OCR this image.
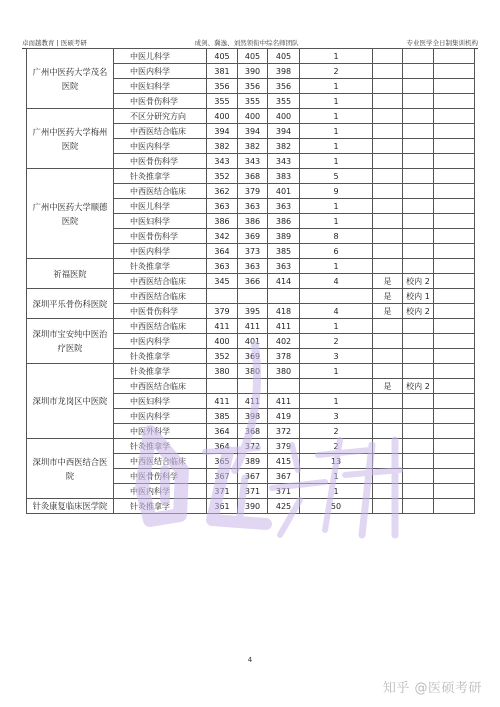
卓而越教育 | 医硕考研	成剑、冀逸、刘然领衔中综名师团队	专业医学全日制集训机构
广州中医药大学茂名医院	中医儿科学	405	405	405	1			
	中医内科学	381	390	398	2			
	中医妇科学	356	356	356	1			
	中医骨伤科学	355	355	355	1			
广州中医药大学梅州医院	不区分研究方向	400	400	400	1			
	中西医结合临床	394	394	394	1			
	中医内科学	382	382	382	1			
	中医骨伤科学	343	343	343	1			
广州中医药大学顺德医院	针灸推拿学	352	368	383	5			
	中西医结合临床	362	379	401	9			
	中医儿科学	363	363	363	1			
	中医妇科学	386	386	386	1			
	中医骨伤科学	342	369	389	8			
	中医内科学	364	373	385	6			
祈福医院	针灸推拿学	363	363	363	1			
	中西医结合临床	345	366	414	4	是	校内 2	
深圳平乐骨伤科医院	中西医结合临床					是	校内 1	
	中医骨伤科学	379	395	418	4	是	校内 2	
深圳市宝安纯中医治疗医院	中西医结合临床	411	411	411	1			
	中医内科学	400	401	402	2			
	针灸推拿学	352	369	378	3			
深圳市龙岗区中医院	针灸推拿学	380	380	380	1			
	中西医结合临床					是	校内 2	
	中医妇科学	411	411	411	1			
	中医内科学	385	398	419	3			
	中医外科学	364	368	372	2			
深圳市中西医结合医院	针灸推拿学	364	372	379	2			
	中西医结合临床	365	389	415	13			
	中医骨伤科学	367	367	367	1			
	中医内科学	371	371	371	1			
针灸康复临床医学院	针灸推拿学	361	390	425	50			
4
知乎 @医硕考研
